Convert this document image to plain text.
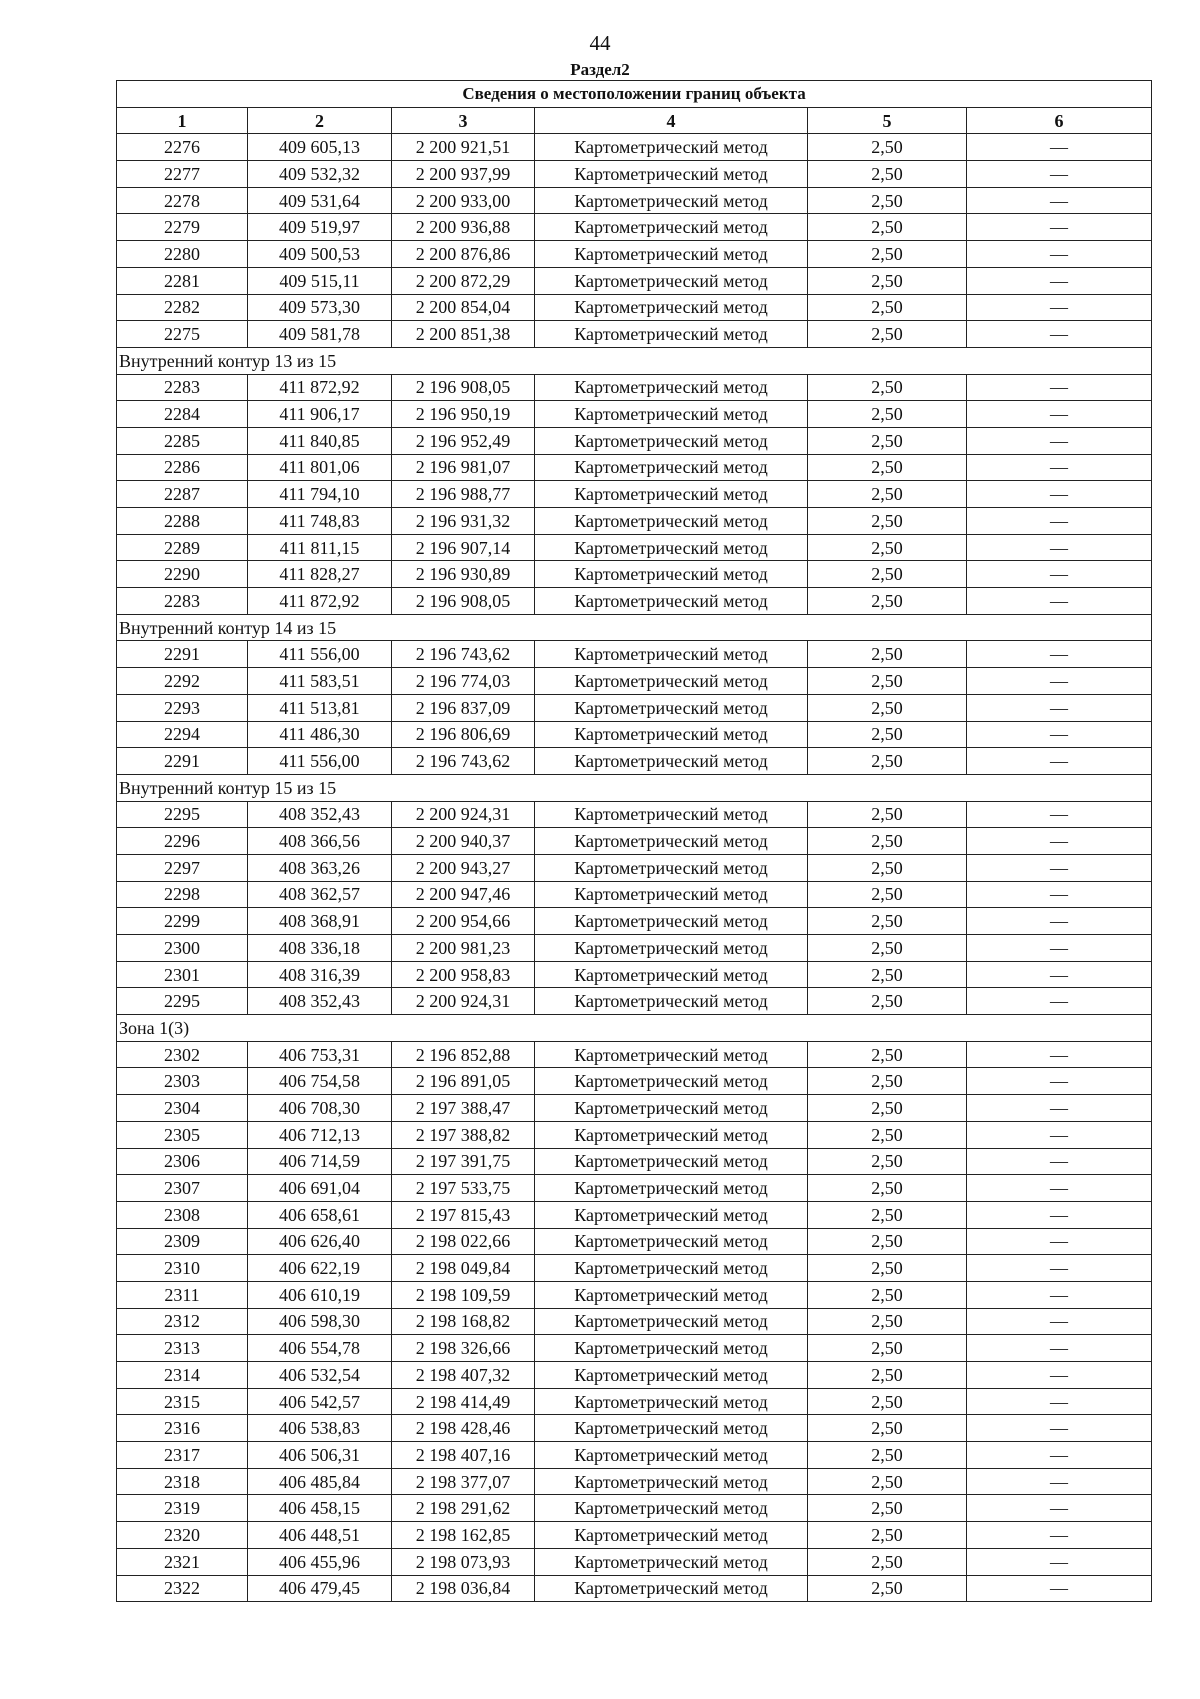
44
Раздел2
Сведения о местоположении границ объекта					
1	2	3	4	5	6
2276	409 605,13	2 200 921,51	Картометрический метод	2,50	—
2277	409 532,32	2 200 937,99	Картометрический метод	2,50	—
2278	409 531,64	2 200 933,00	Картометрический метод	2,50	—
2279	409 519,97	2 200 936,88	Картометрический метод	2,50	—
2280	409 500,53	2 200 876,86	Картометрический метод	2,50	—
2281	409 515,11	2 200 872,29	Картометрический метод	2,50	—
2282	409 573,30	2 200 854,04	Картометрический метод	2,50	—
2275	409 581,78	2 200 851,38	Картометрический метод	2,50	—
Внутренний контур 13 из 15					
2283	411 872,92	2 196 908,05	Картометрический метод	2,50	—
2284	411 906,17	2 196 950,19	Картометрический метод	2,50	—
2285	411 840,85	2 196 952,49	Картометрический метод	2,50	—
2286	411 801,06	2 196 981,07	Картометрический метод	2,50	—
2287	411 794,10	2 196 988,77	Картометрический метод	2,50	—
2288	411 748,83	2 196 931,32	Картометрический метод	2,50	—
2289	411 811,15	2 196 907,14	Картометрический метод	2,50	—
2290	411 828,27	2 196 930,89	Картометрический метод	2,50	—
2283	411 872,92	2 196 908,05	Картометрический метод	2,50	—
Внутренний контур 14 из 15					
2291	411 556,00	2 196 743,62	Картометрический метод	2,50	—
2292	411 583,51	2 196 774,03	Картометрический метод	2,50	—
2293	411 513,81	2 196 837,09	Картометрический метод	2,50	—
2294	411 486,30	2 196 806,69	Картометрический метод	2,50	—
2291	411 556,00	2 196 743,62	Картометрический метод	2,50	—
Внутренний контур 15 из 15					
2295	408 352,43	2 200 924,31	Картометрический метод	2,50	—
2296	408 366,56	2 200 940,37	Картометрический метод	2,50	—
2297	408 363,26	2 200 943,27	Картометрический метод	2,50	—
2298	408 362,57	2 200 947,46	Картометрический метод	2,50	—
2299	408 368,91	2 200 954,66	Картометрический метод	2,50	—
2300	408 336,18	2 200 981,23	Картометрический метод	2,50	—
2301	408 316,39	2 200 958,83	Картометрический метод	2,50	—
2295	408 352,43	2 200 924,31	Картометрический метод	2,50	—
Зона 1(3)					
2302	406 753,31	2 196 852,88	Картометрический метод	2,50	—
2303	406 754,58	2 196 891,05	Картометрический метод	2,50	—
2304	406 708,30	2 197 388,47	Картометрический метод	2,50	—
2305	406 712,13	2 197 388,82	Картометрический метод	2,50	—
2306	406 714,59	2 197 391,75	Картометрический метод	2,50	—
2307	406 691,04	2 197 533,75	Картометрический метод	2,50	—
2308	406 658,61	2 197 815,43	Картометрический метод	2,50	—
2309	406 626,40	2 198 022,66	Картометрический метод	2,50	—
2310	406 622,19	2 198 049,84	Картометрический метод	2,50	—
2311	406 610,19	2 198 109,59	Картометрический метод	2,50	—
2312	406 598,30	2 198 168,82	Картометрический метод	2,50	—
2313	406 554,78	2 198 326,66	Картометрический метод	2,50	—
2314	406 532,54	2 198 407,32	Картометрический метод	2,50	—
2315	406 542,57	2 198 414,49	Картометрический метод	2,50	—
2316	406 538,83	2 198 428,46	Картометрический метод	2,50	—
2317	406 506,31	2 198 407,16	Картометрический метод	2,50	—
2318	406 485,84	2 198 377,07	Картометрический метод	2,50	—
2319	406 458,15	2 198 291,62	Картометрический метод	2,50	—
2320	406 448,51	2 198 162,85	Картометрический метод	2,50	—
2321	406 455,96	2 198 073,93	Картометрический метод	2,50	—
2322	406 479,45	2 198 036,84	Картометрический метод	2,50	—
